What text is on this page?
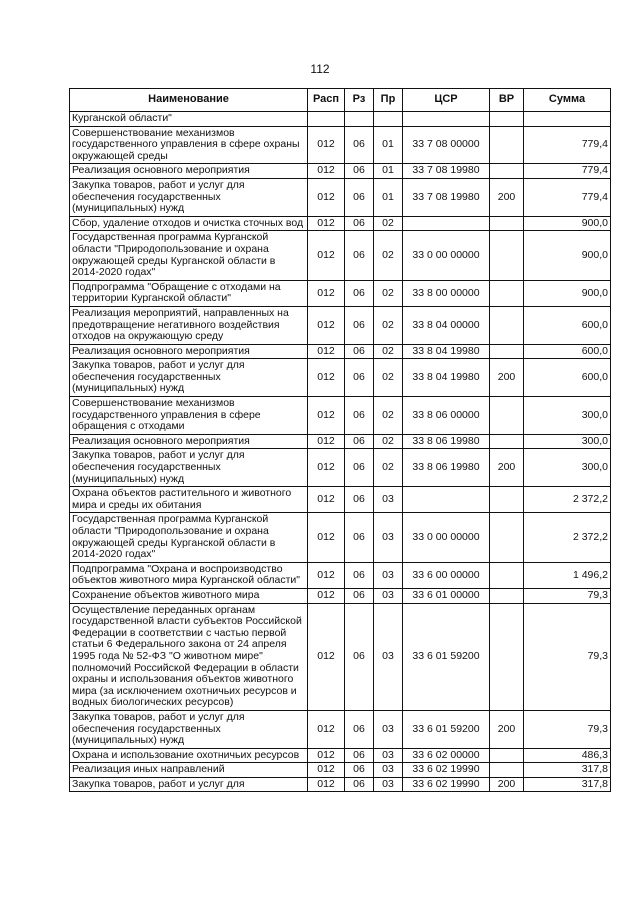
112
Наименование	Расп	Рз	Пр	ЦСР	ВР	Сумма
Курганской области"						
Совершенствование механизмов государственного управления в сфере охраны окружающей среды	012	06	01	33 7 08 00000		779,4
Реализация основного мероприятия	012	06	01	33 7 08 19980		779,4
Закупка товаров, работ и услуг для обеспечения государственных (муниципальных) нужд	012	06	01	33 7 08 19980	200	779,4
Сбор, удаление отходов и очистка сточных вод	012	06	02			900,0
Государственная программа Курганской области "Природопользование и охрана окружающей среды Курганской области в 2014-2020 годах"	012	06	02	33 0 00 00000		900,0
Подпрограмма "Обращение с отходами на территории Курганской области"	012	06	02	33 8 00 00000		900,0
Реализация мероприятий, направленных на предотвращение негативного воздействия отходов на окружающую среду	012	06	02	33 8 04 00000		600,0
Реализация основного мероприятия	012	06	02	33 8 04 19980		600,0
Закупка товаров, работ и услуг для обеспечения государственных (муниципальных) нужд	012	06	02	33 8 04 19980	200	600,0
Совершенствование механизмов государственного управления в сфере обращения с отходами	012	06	02	33 8 06 00000		300,0
Реализация основного мероприятия	012	06	02	33 8 06 19980		300,0
Закупка товаров, работ и услуг для обеспечения государственных (муниципальных) нужд	012	06	02	33 8 06 19980	200	300,0
Охрана объектов растительного и животного мира и среды их обитания	012	06	03			2 372,2
Государственная программа Курганской области "Природопользование и охрана окружающей среды Курганской области в 2014-2020 годах"	012	06	03	33 0 00 00000		2 372,2
Подпрограмма "Охрана и воспроизводство объектов животного мира Курганской области"	012	06	03	33 6 00 00000		1 496,2
Сохранение объектов животного мира	012	06	03	33 6 01 00000		79,3
Осуществление переданных органам государственной власти субъектов Российской Федерации в соответствии с частью первой статьи 6 Федерального закона от 24 апреля 1995 года № 52-ФЗ "О животном мире" полномочий Российской Федерации в области охраны и использования объектов животного мира (за исключением охотничьих ресурсов и водных биологических ресурсов)	012	06	03	33 6 01 59200		79,3
Закупка товаров, работ и услуг для обеспечения государственных (муниципальных) нужд	012	06	03	33 6 01 59200	200	79,3
Охрана и использование охотничьих ресурсов	012	06	03	33 6 02 00000		486,3
Реализация иных направлений	012	06	03	33 6 02 19990		317,8
Закупка товаров, работ и услуг для	012	06	03	33 6 02 19990	200	317,8
